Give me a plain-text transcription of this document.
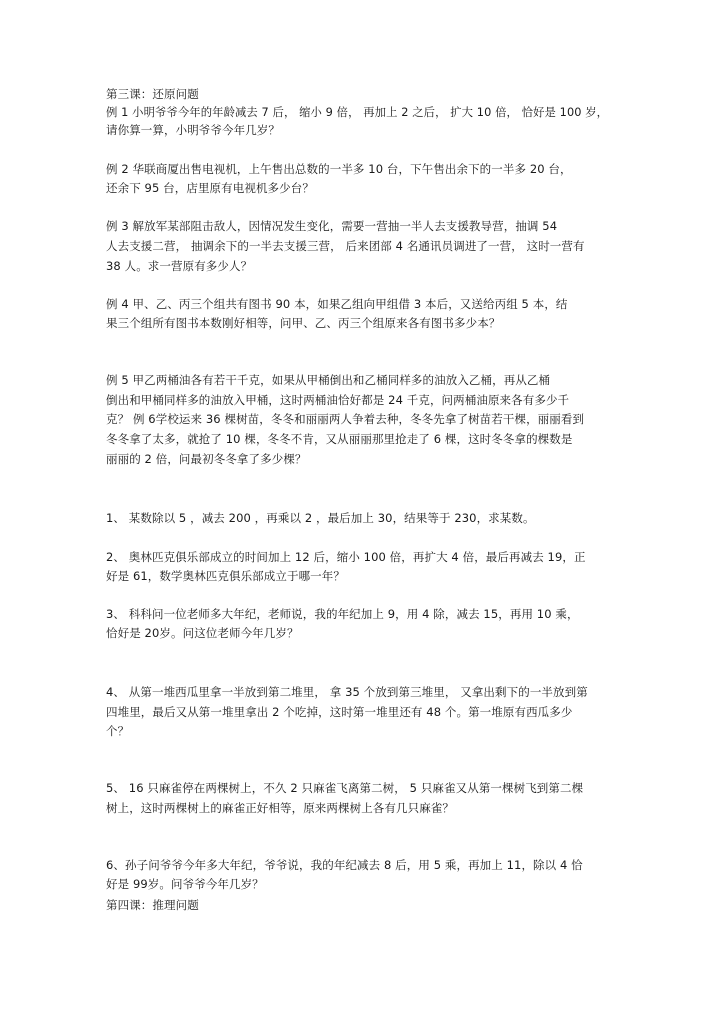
第三课：还原问题
例 1 小明爷爷今年的年龄减去 7 后， 缩小 9 倍， 再加上 2 之后， 扩大 10 倍， 恰好是 100 岁，
请你算一算，小明爷爷今年几岁？
例 2 华联商厦出售电视机，上午售出总数的一半多 10 台，下午售出余下的一半多 20 台，
还余下 95 台，店里原有电视机多少台？
例 3 解放军某部阻击敌人，因情况发生变化，需要一营抽一半人去支援教导营，抽调 54
人去支援二营， 抽调余下的一半去支援三营， 后来团部 4 名通讯员调进了一营， 这时一营有
38 人。求一营原有多少人？
例 4 甲、乙、丙三个组共有图书 90 本，如果乙组向甲组借 3 本后，又送给丙组 5 本，结
果三个组所有图书本数刚好相等，问甲、乙、丙三个组原来各有图书多少本？
例 5 甲乙两桶油各有若干千克，如果从甲桶倒出和乙桶同样多的油放入乙桶，再从乙桶
倒出和甲桶同样多的油放入甲桶，这时两桶油恰好都是 24 千克，问两桶油原来各有多少千
克？ 例 6学校运来 36 棵树苗，冬冬和丽丽两人争着去种，冬冬先拿了树苗若干棵，丽丽看到
冬冬拿了太多，就抢了 10 棵，冬冬不肯，又从丽丽那里抢走了 6 棵，这时冬冬拿的棵数是
丽丽的 2 倍，问最初冬冬拿了多少棵？
1、 某数除以 5 ，减去 200 ，再乘以 2 ，最后加上 30，结果等于 230，求某数。
2、 奥林匹克俱乐部成立的时间加上 12 后，缩小 100 倍，再扩大 4 倍，最后再减去 19，正
好是 61，数学奥林匹克俱乐部成立于哪一年？
3、 科科问一位老师多大年纪，老师说，我的年纪加上 9，用 4 除，减去 15，再用 10 乘，
恰好是 20岁。问这位老师今年几岁？
4、 从第一堆西瓜里拿一半放到第二堆里， 拿 35 个放到第三堆里， 又拿出剩下的一半放到第
四堆里，最后又从第一堆里拿出 2 个吃掉，这时第一堆里还有 48 个。第一堆原有西瓜多少
个？
5、 16 只麻雀停在两棵树上，不久 2 只麻雀飞离第二树， 5 只麻雀又从第一棵树飞到第二棵
树上，这时两棵树上的麻雀正好相等，原来两棵树上各有几只麻雀？
6、孙子问爷爷今年多大年纪，爷爷说，我的年纪减去 8 后，用 5 乘，再加上 11，除以 4 恰
好是 99岁。问爷爷今年几岁？
第四课：推理问题
